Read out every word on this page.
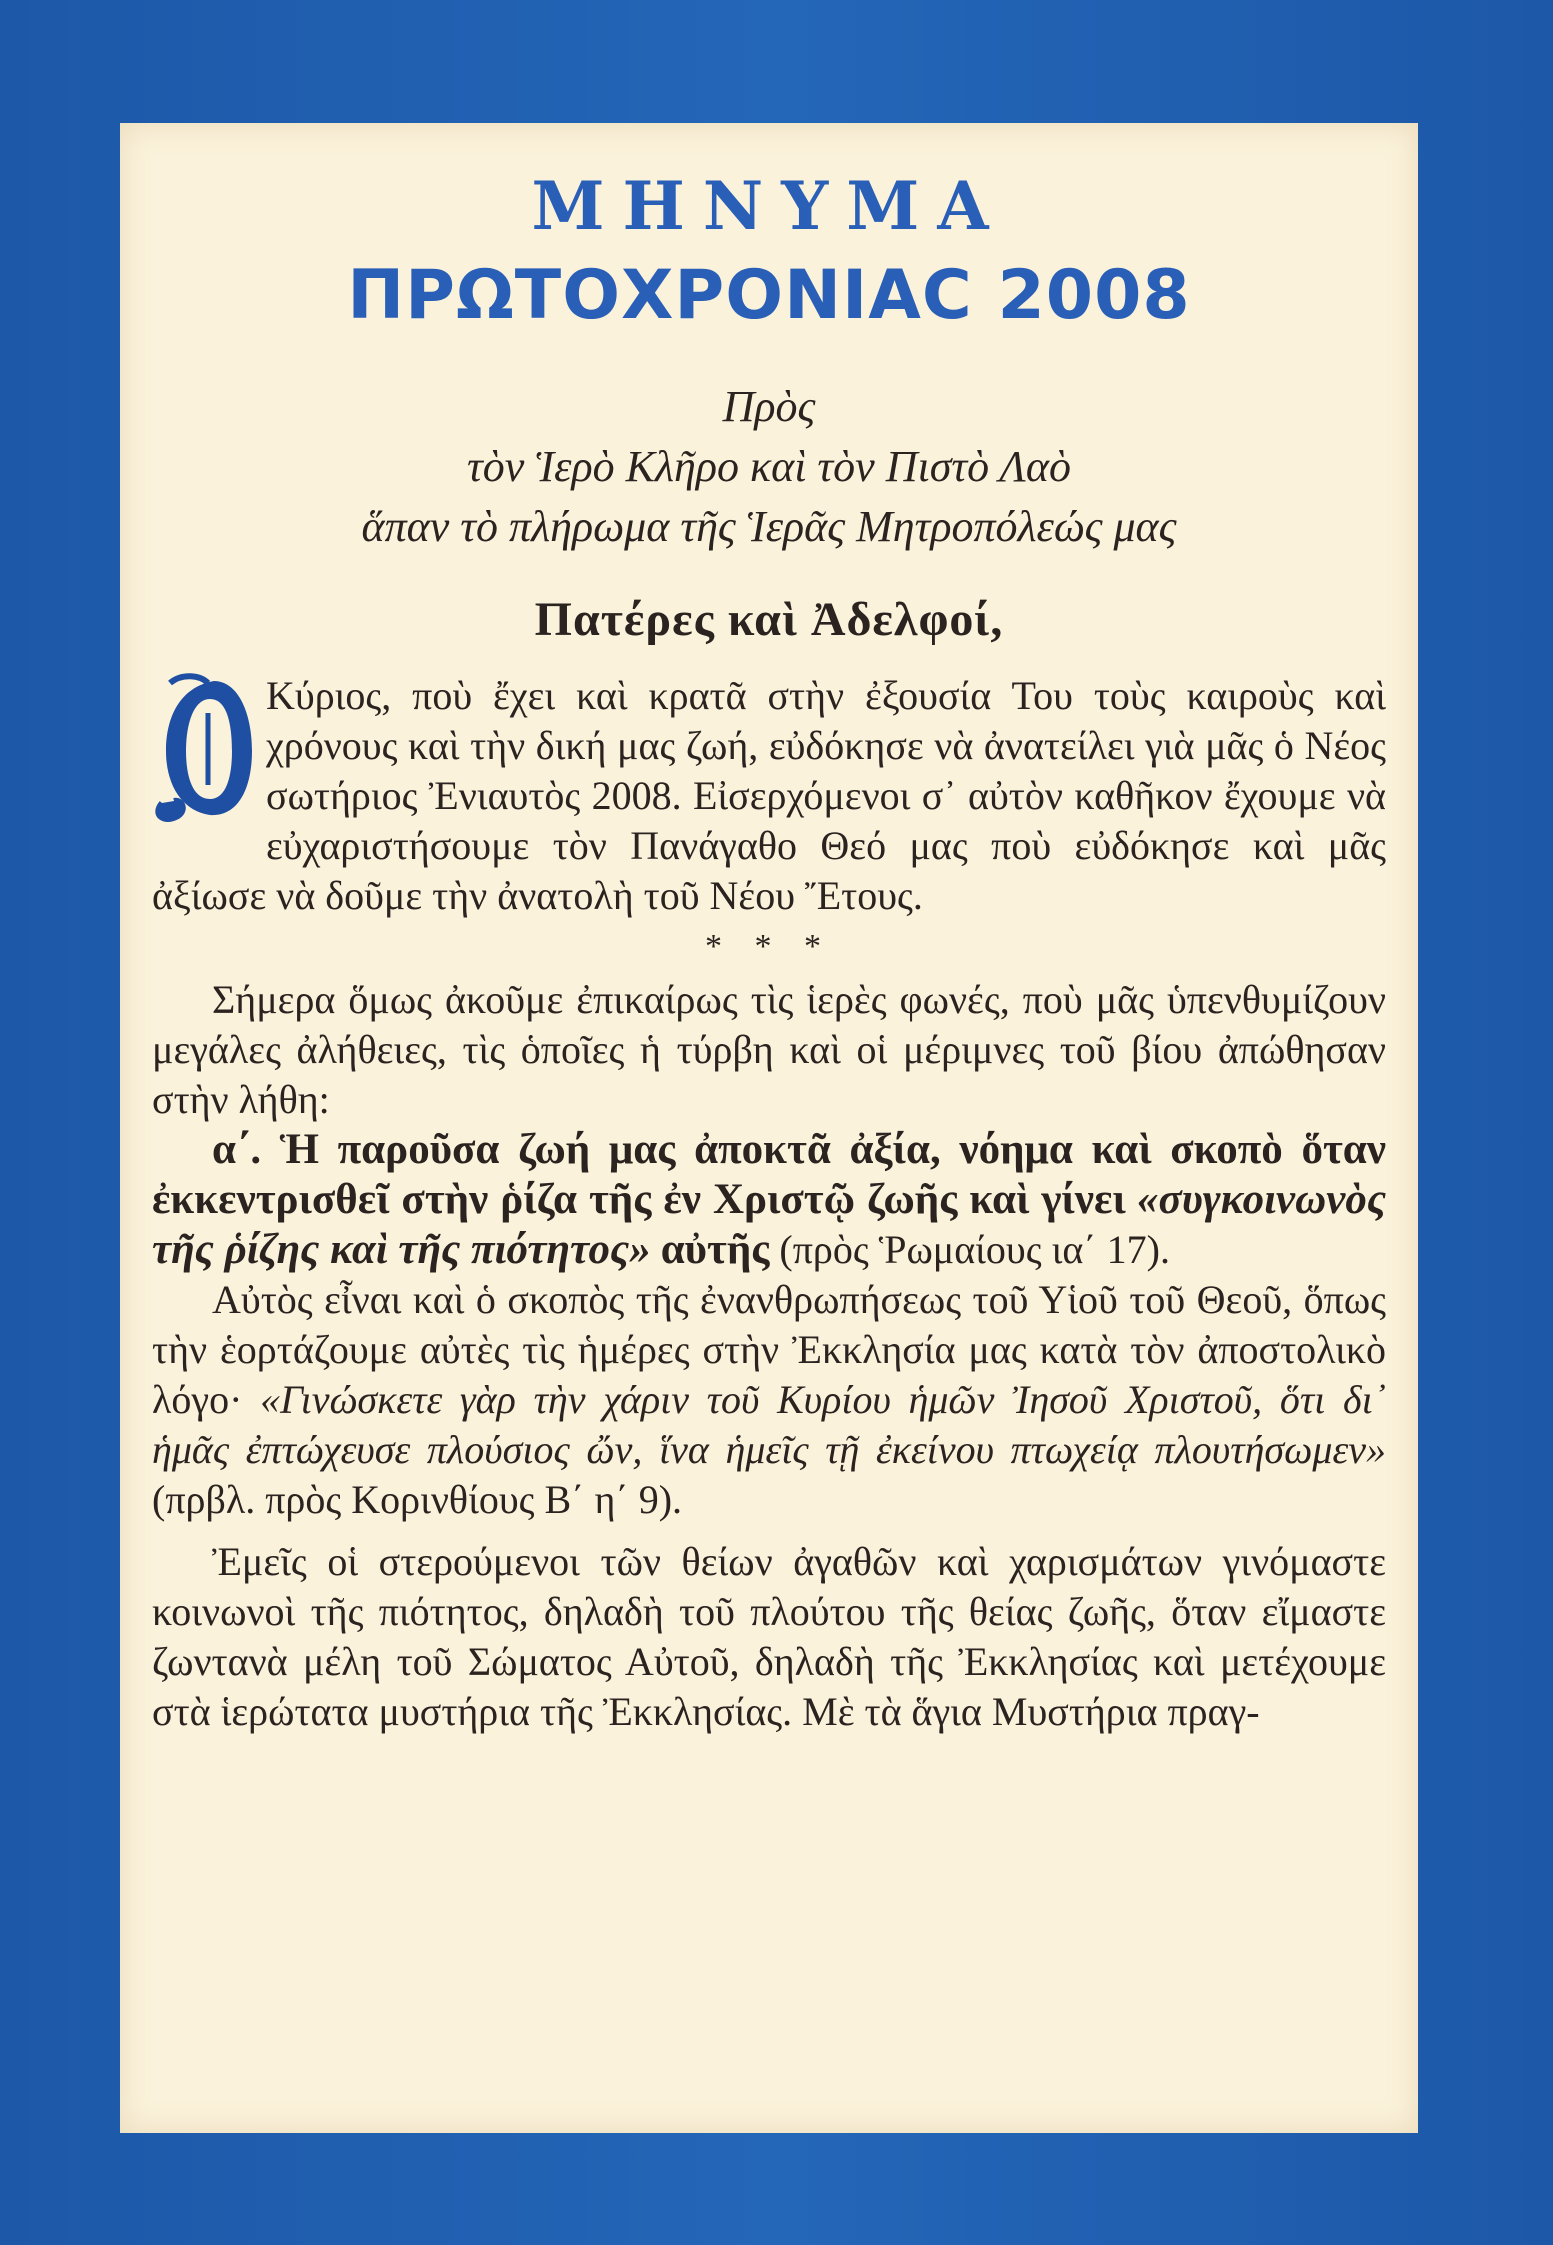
ΜΗΝΥΜΑ
ΠΡΩΤΟΧΡΟΝΙΑC 2008
Πρὸς
τὸν Ἱερὸ Κλῆρο καὶ τὸν Πιστὸ Λαὸ
ἅπαν τὸ πλήρωμα τῆς Ἱερᾶς Μητροπόλεώς μας
Πατέρες καὶ Ἀδελφοί,

Κύριος, ποὺ ἔχει καὶ κρατᾶ στὴν ἐξουσία Του τοὺς καιροὺς καὶ χρόνους καὶ τὴν δική μας ζωή, εὐδόκησε νὰ ἀνατείλει γιὰ μᾶς ὁ Νέος σωτήριος Ἐνιαυτὸς 2008. Εἰσερχόμενοι σ᾽ αὐτὸν καθῆκον ἔχουμε νὰ εὐχαριστήσουμε τὸν Πανάγαθο Θεό μας ποὺ εὐδόκησε καὶ μᾶς ἀξίωσε νὰ δοῦμε τὴν ἀνατολὴ τοῦ Νέου Ἔτους.

* * *

Σήμερα ὅμως ἀκοῦμε ἐπικαίρως τὶς ἱερὲς φωνές, ποὺ μᾶς ὑπενθυμίζουν μεγάλες ἀλήθειες, τὶς ὁποῖες ἡ τύρβη καὶ οἱ μέριμνες τοῦ βίου ἀπώθησαν στὴν λήθη:

α΄. Ἡ παροῦσα ζωή μας ἀποκτᾶ ἀξία, νόημα καὶ σκοπὸ ὅταν ἐκκεντρισθεῖ στὴν ῥίζα τῆς ἐν Χριστῷ ζωῆς καὶ γίνει «συγκοινωνὸς τῆς ῥίζης καὶ τῆς πιότητος» αὐτῆς (πρὸς Ῥωμαίους ια΄ 17).

Αὐτὸς εἶναι καὶ ὁ σκοπὸς τῆς ἐνανθρωπήσεως τοῦ Υἱοῦ τοῦ Θεοῦ, ὅπως τὴν ἑορτάζουμε αὐτὲς τὶς ἡμέρες στὴν Ἐκκλησία μας κατὰ τὸν ἀποστολικὸ λόγο· «Γινώσκετε γὰρ τὴν χάριν τοῦ Κυρίου ἡμῶν Ἰησοῦ Χριστοῦ, ὅτι δι᾽ ἡμᾶς ἐπτώχευσε πλούσιος ὤν, ἵνα ἡμεῖς τῇ ἐκείνου πτωχείᾳ πλουτήσωμεν» (πρβλ. πρὸς Κορινθίους Β΄ η΄ 9).

Ἐμεῖς οἱ στερούμενοι τῶν θείων ἀγαθῶν καὶ χαρισμάτων γινόμαστε κοινωνοὶ τῆς πιότητος, δηλαδὴ τοῦ πλούτου τῆς θείας ζωῆς, ὅταν εἴμαστε ζωντανὰ μέλη τοῦ Σώματος Αὐτοῦ, δηλαδὴ τῆς Ἐκκλησίας καὶ μετέχουμε στὰ ἱερώτατα μυστήρια τῆς Ἐκκλησίας. Μὲ τὰ ἅγια Μυστήρια πραγ-
